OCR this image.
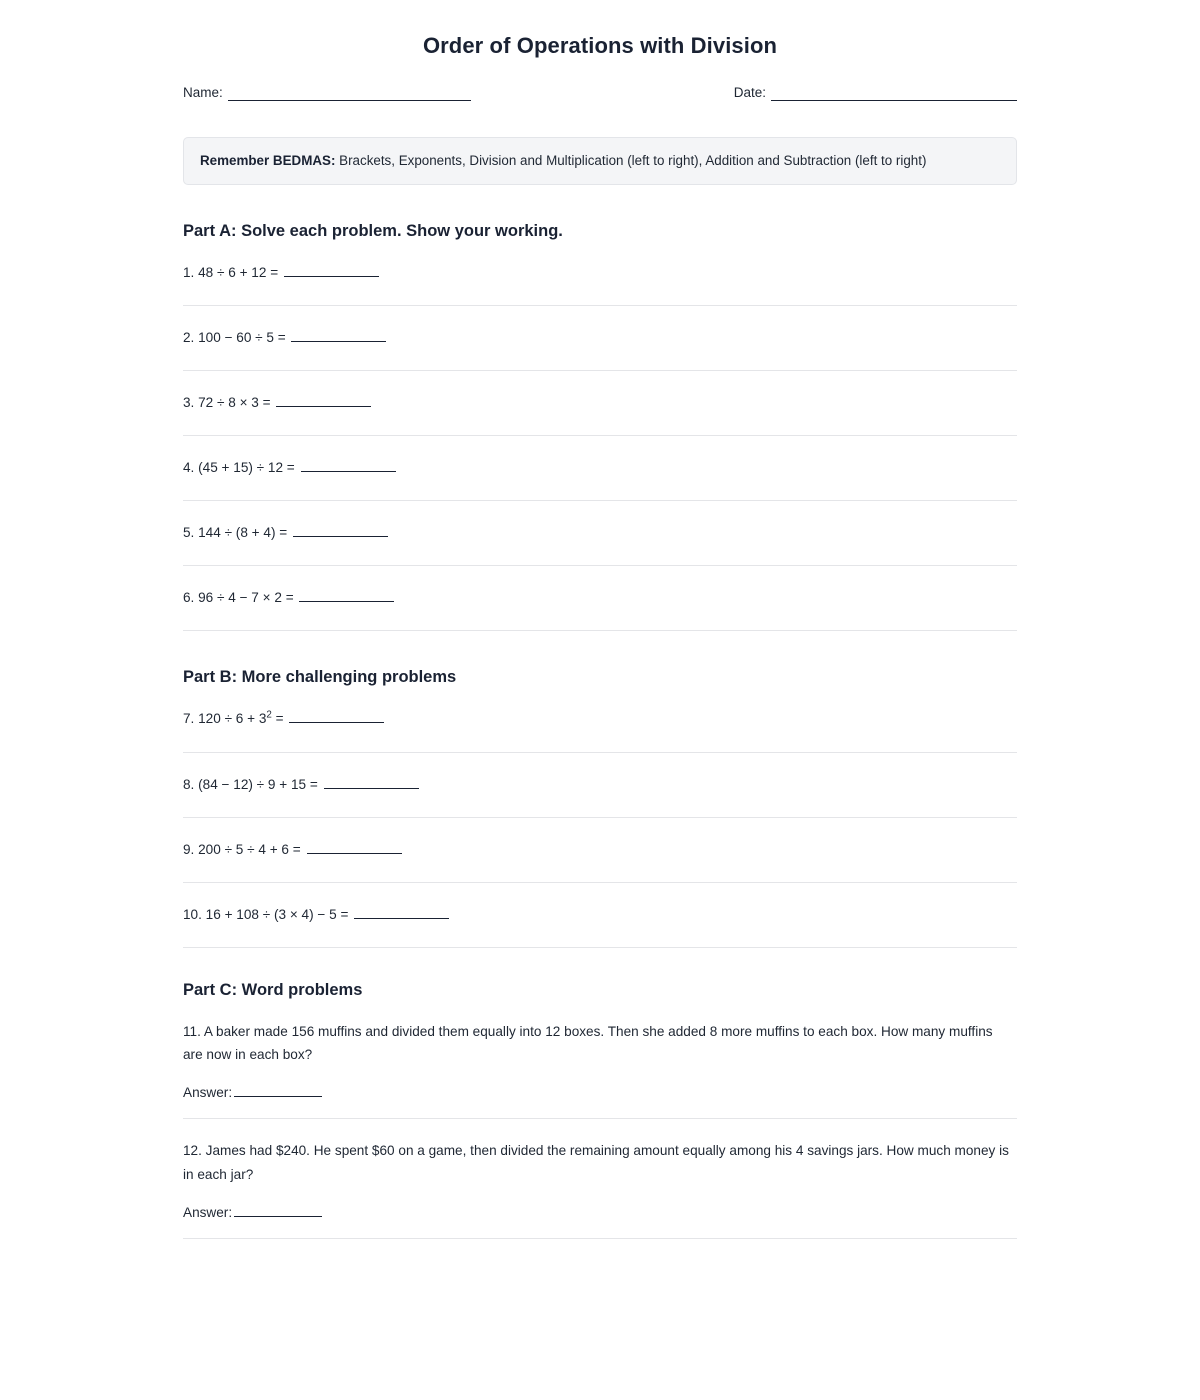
Order of Operations with Division
Name:	Date:
Remember BEDMAS: Brackets, Exponents, Division and Multiplication (left to right), Addition and Subtraction (left to right)
Part A: Solve each problem. Show your working.
1. 48 ÷ 6 + 12 =
2. 100 − 60 ÷ 5 =
3. 72 ÷ 8 × 3 =
4. (45 + 15) ÷ 12 =
5. 144 ÷ (8 + 4) =
6. 96 ÷ 4 − 7 × 2 =
Part B: More challenging problems
7. $120 \div 6 + 3^2$ =
8. (84 − 12) ÷ 9 + 15 =
9. 200 ÷ 5 ÷ 4 + 6 =
10. 16 + 108 ÷ (3 × 4) − 5 =
Part C: Word problems

11. A baker made 156 muffins and divided them equally into 12 boxes. Then she added 8 more muffins to each box. How many muffins are now in each box?

Answer:

12. James had $240. He spent $60 on a game, then divided the remaining amount equally among his 4 savings jars. How much money is in each jar?

Answer:
